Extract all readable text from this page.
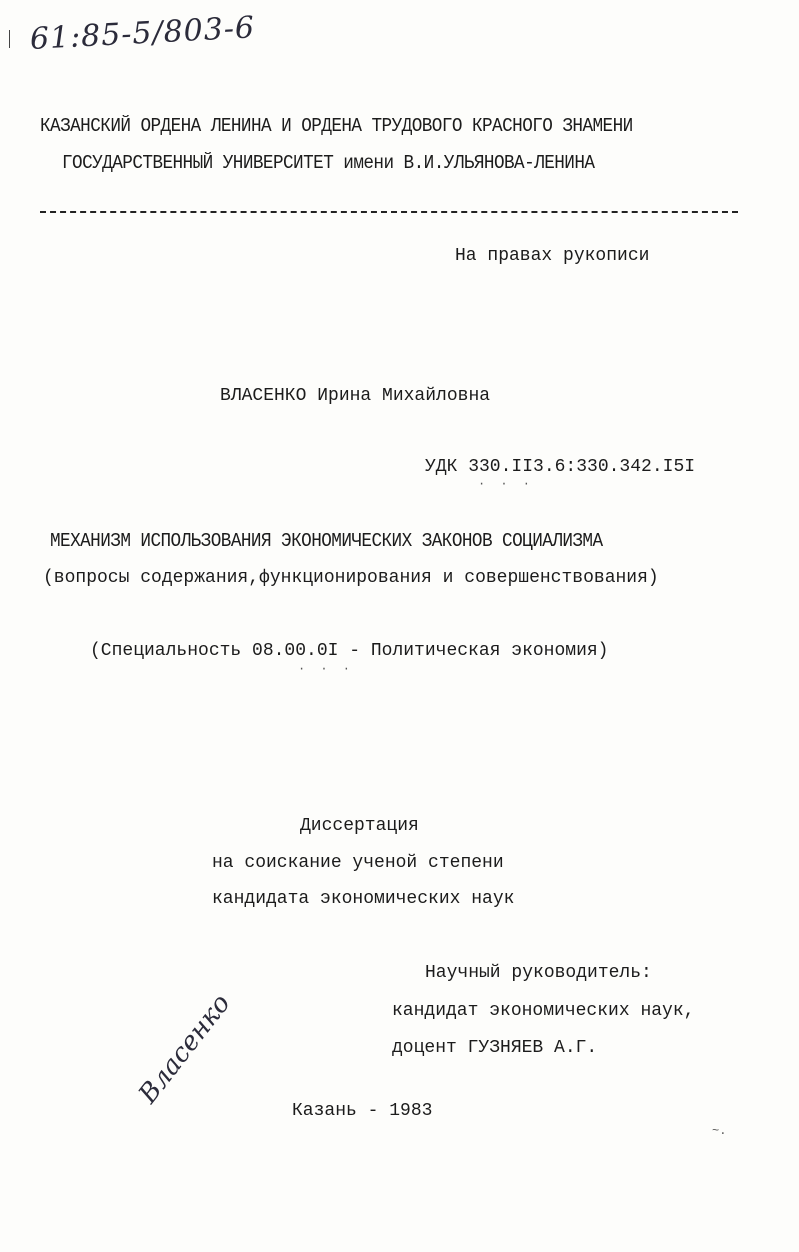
61:85-5/803-6
КАЗАНСКИЙ ОРДЕНА ЛЕНИНА И ОРДЕНА ТРУДОВОГО КРАСНОГО ЗНАМЕНИ
ГОСУДАРСТВЕННЫЙ УНИВЕРСИТЕТ имени В.И.УЛЬЯНОВА-ЛЕНИНА
На правах рукописи
ВЛАСЕНКО Ирина Михайловна
УДК 330.II3.6:330.342.I5I
· · ·
МЕХАНИЗМ ИСПОЛЬЗОВАНИЯ ЭКОНОМИЧЕСКИХ ЗАКОНОВ СОЦИАЛИЗМА
(вопросы содержания,функционирования и совершенствования)
(Специальность 08.00.0I - Политическая экономия)
· · ·
Диссертация
на соискание ученой степени
кандидата экономических наук
Научный руководитель:
кандидат экономических наук,
доцент ГУЗНЯЕВ А.Г.
Власенко
Казань - 1983
~.
